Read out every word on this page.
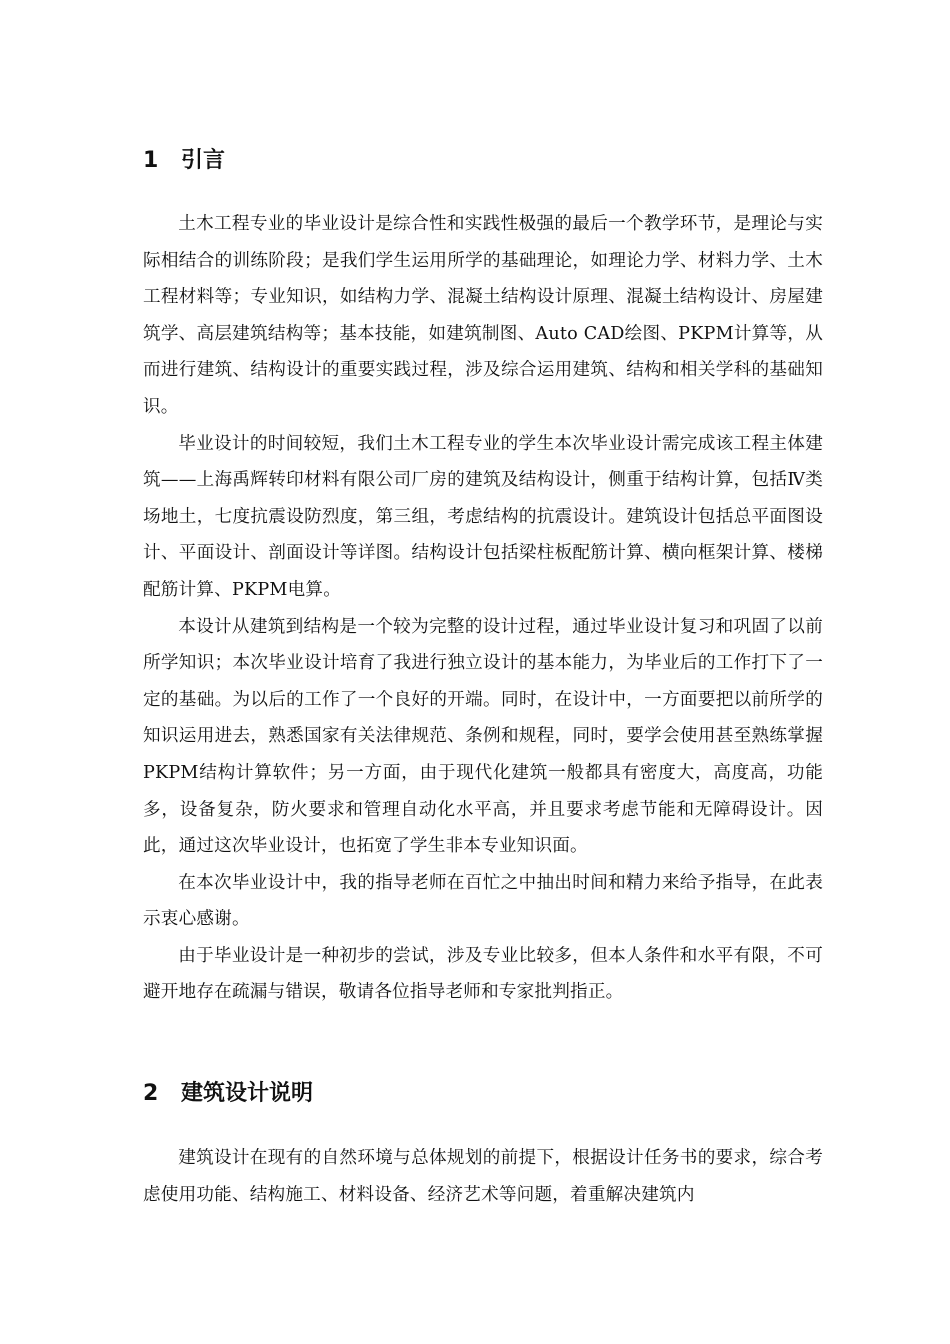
1 引言

土木工程专业的毕业设计是综合性和实践性极强的最后一个教学环节，是理论与实际相结合的训练阶段；是我们学生运用所学的基础理论，如理论力学、材料力学、土木工程材料等；专业知识，如结构力学、混凝土结构设计原理、混凝土结构设计、房屋建筑学、高层建筑结构等；基本技能，如建筑制图、Auto CAD绘图、PKPM计算等，从而进行建筑、结构设计的重要实践过程，涉及综合运用建筑、结构和相关学科的基础知识。

毕业设计的时间较短，我们土木工程专业的学生本次毕业设计需完成该工程主体建筑——上海禹辉转印材料有限公司厂房的建筑及结构设计，侧重于结构计算，包括Ⅳ类场地土，七度抗震设防烈度，第三组，考虑结构的抗震设计。建筑设计包括总平面图设计、平面设计、剖面设计等详图。结构设计包括梁柱板配筋计算、横向框架计算、楼梯配筋计算、PKPM电算。

本设计从建筑到结构是一个较为完整的设计过程，通过毕业设计复习和巩固了以前所学知识；本次毕业设计培育了我进行独立设计的基本能力，为毕业后的工作打下了一定的基础。为以后的工作了一个良好的开端。同时，在设计中，一方面要把以前所学的知识运用进去，熟悉国家有关法律规范、条例和规程，同时，要学会使用甚至熟练掌握PKPM结构计算软件；另一方面，由于现代化建筑一般都具有密度大，高度高，功能多，设备复杂，防火要求和管理自动化水平高，并且要求考虑节能和无障碍设计。因此，通过这次毕业设计，也拓宽了学生非本专业知识面。

在本次毕业设计中，我的指导老师在百忙之中抽出时间和精力来给予指导，在此表示衷心感谢。

由于毕业设计是一种初步的尝试，涉及专业比较多，但本人条件和水平有限，不可避开地存在疏漏与错误，敬请各位指导老师和专家批判指正。

2 建筑设计说明

建筑设计在现有的自然环境与总体规划的前提下，根据设计任务书的要求，综合考虑使用功能、结构施工、材料设备、经济艺术等问题，着重解决建筑内
